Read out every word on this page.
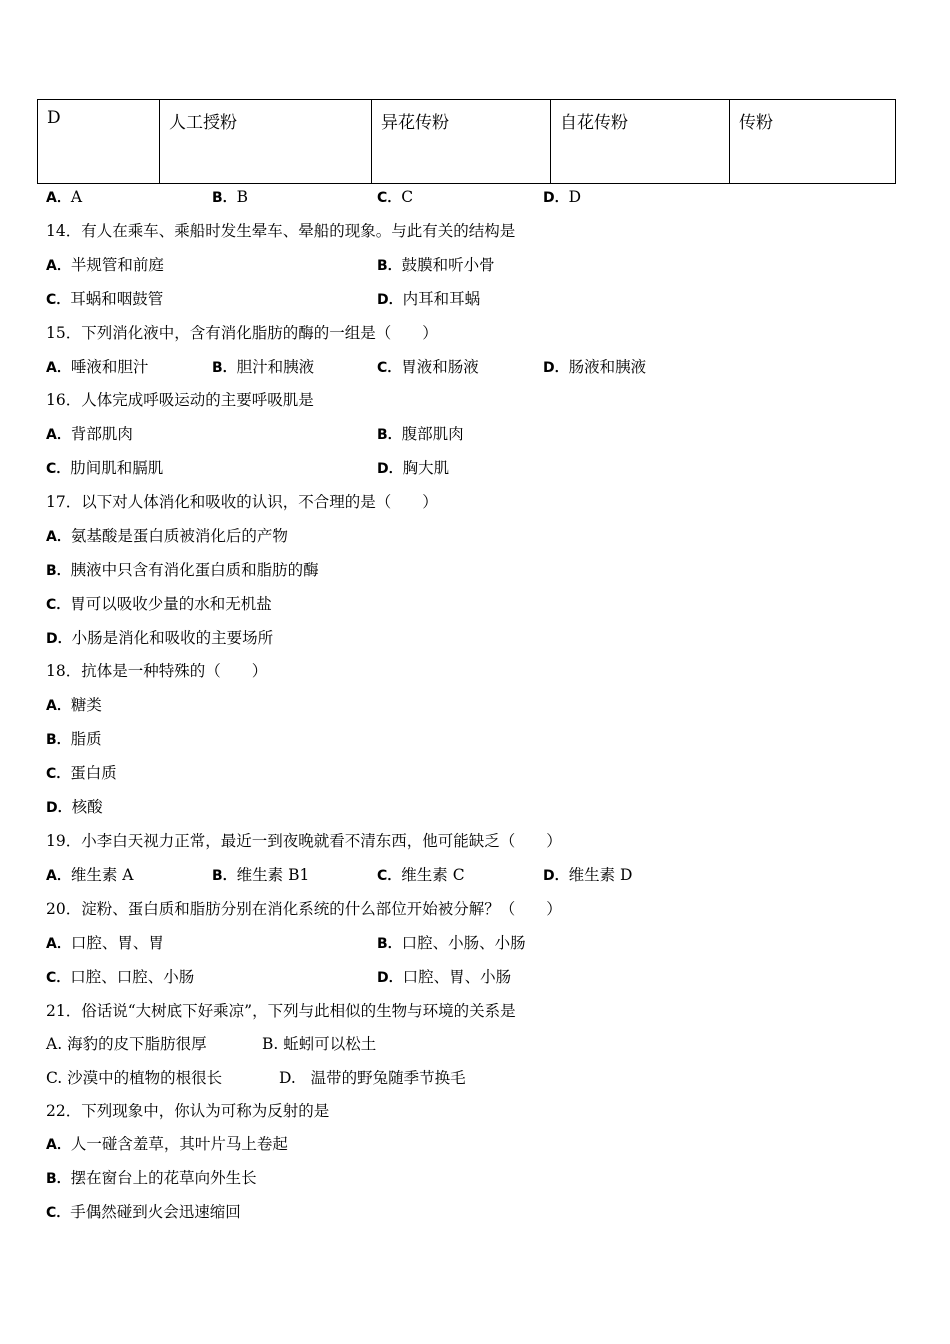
D	人工授粉	异花传粉	自花传粉	传粉
A．A	B．B	C．C	D．D
14．有人在乘车、乘船时发生晕车、晕船的现象。与此有关的结构是
A．半规管和前庭	B．鼓膜和听小骨
C．耳蜗和咽鼓管	D．内耳和耳蜗
15．下列消化液中，含有消化脂肪的酶的一组是（　　）
A．唾液和胆汁	B．胆汁和胰液	C．胃液和肠液	D．肠液和胰液
16．人体完成呼吸运动的主要呼吸肌是
A．背部肌肉	B．腹部肌肉
C．肋间肌和膈肌	D．胸大肌
17．以下对人体消化和吸收的认识，不合理的是（　　）
A．氨基酸是蛋白质被消化后的产物
B．胰液中只含有消化蛋白质和脂肪的酶
C．胃可以吸收少量的水和无机盐
D．小肠是消化和吸收的主要场所
18．抗体是一种特殊的（　　）
A．糖类
B．脂质
C．蛋白质
D．核酸
19．小李白天视力正常，最近一到夜晚就看不清东西，他可能缺乏（　　）
A．维生素 A	B．维生素 B1	C．维生素 C	D．维生素 D
20．淀粉、蛋白质和脂肪分别在消化系统的什么部位开始被分解？（　　）
A．口腔、胃、胃	B．口腔、小肠、小肠
C．口腔、口腔、小肠	D．口腔、胃、小肠
21．俗话说“大树底下好乘凉”，下列与此相似的生物与环境的关系是
A. 海豹的皮下脂肪很厚	B. 蚯蚓可以松土
C. 沙漠中的植物的根很长	D. 温带的野兔随季节换毛
22．下列现象中，你认为可称为反射的是
A．人一碰含羞草，其叶片马上卷起
B．摆在窗台上的花草向外生长
C．手偶然碰到火会迅速缩回
